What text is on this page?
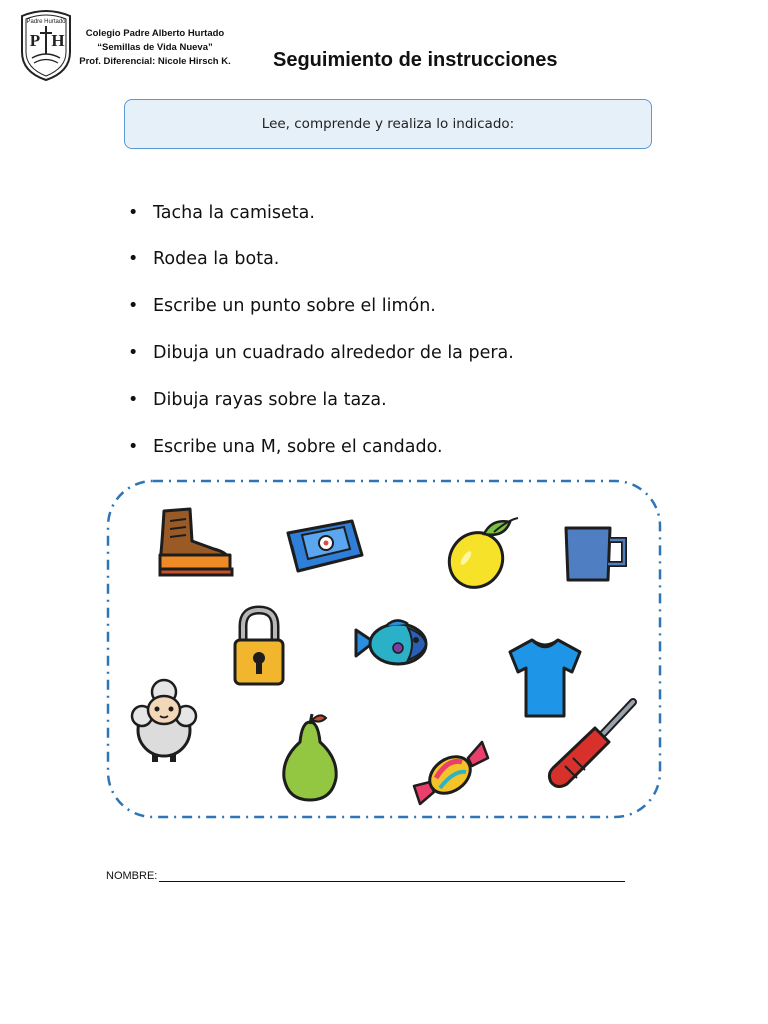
Padre Hurtado
P H	Colegio Padre Alberto Hurtado
“Semillas de Vida Nueva”
Prof. Diferencial: Nicole Hirsch K. Seguimiento de instrucciones
Lee, comprende y realiza lo indicado:
• Tacha la camiseta.
• Rodea la bota.
• Escribe un punto sobre el limón.
• Dibuja un cuadrado alrededor de la pera.
• Dibuja rayas sobre la taza.
• Escribe una M, sobre el candado.
NOMBRE:
